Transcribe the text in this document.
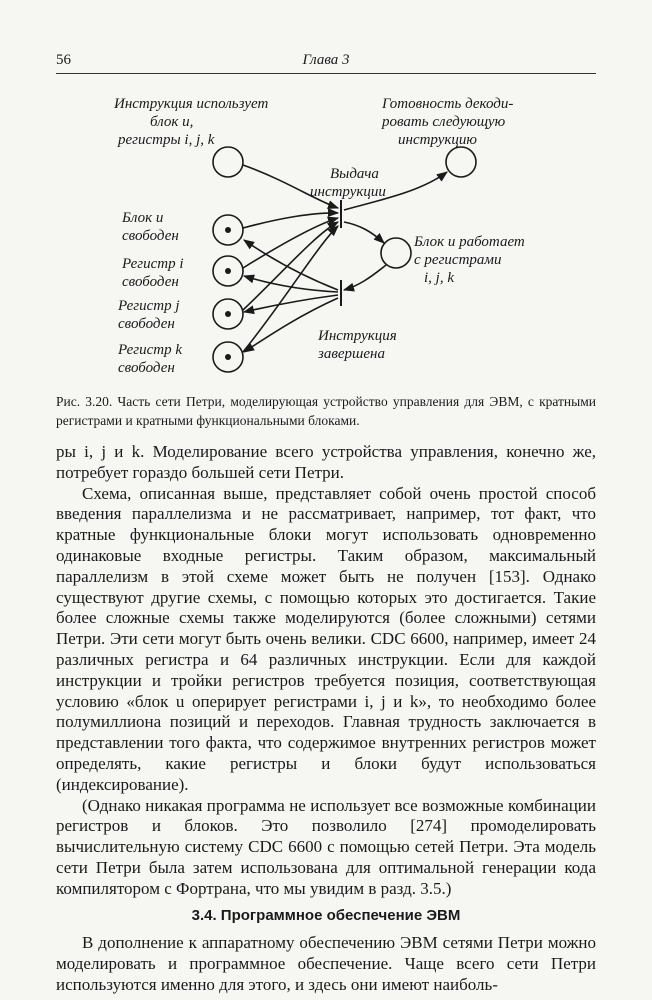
56	Глава 3
Инструкция использует блок u, регистры i, j, k
Готовность декоди- ровать следующую инструкцию
Выдача инструкции
Блок u свободен
Регистр i свободен
Регистр j свободен
Регистр k свободен
Блок u работает с регистрами i, j, k
Инструкция завершена
Рис. 3.20. Часть сети Петри, моделирующая устройство управления для ЭВМ, с кратными регистрами и кратными функциональными блоками.

ры i, j и k. Моделирование всего устройства управления, конечно же, потребует гораздо большей сети Петри.

Схема, описанная выше, представляет собой очень простой способ введения параллелизма и не рассматривает, например, тот факт, что кратные функциональные блоки могут использовать одновременно одинаковые входные регистры. Таким образом, максимальный параллелизм в этой схеме может быть не получен [153]. Однако существуют другие схемы, с помощью которых это достигается. Такие более сложные схемы также моделируются (более сложными) сетями Петри. Эти сети могут быть очень велики. CDC 6600, например, имеет 24 различных регистра и 64 различных инструкции. Если для каждой инструкции и тройки регистров требуется позиция, соответствующая условию «блок u оперирует регистрами i, j и k», то необходимо более полумиллиона позиций и переходов. Главная трудность заключается в представлении того факта, что содержимое внутренних регистров может определять, какие регистры и блоки будут использоваться (индексирование).

(Однако никакая программа не использует все возможные комбинации регистров и блоков. Это позволило [274] промоделировать вычислительную систему CDC 6600 с помощью сетей Петри. Эта модель сети Петри была затем использована для оптимальной генерации кода компилятором с Фортрана, что мы увидим в разд. 3.5.)

3.4. Программное обеспечение ЭВМ

В дополнение к аппаратному обеспечению ЭВМ сетями Петри можно моделировать и программное обеспечение. Чаще всего сети Петри используются именно для этого, и здесь они имеют наиболь-
